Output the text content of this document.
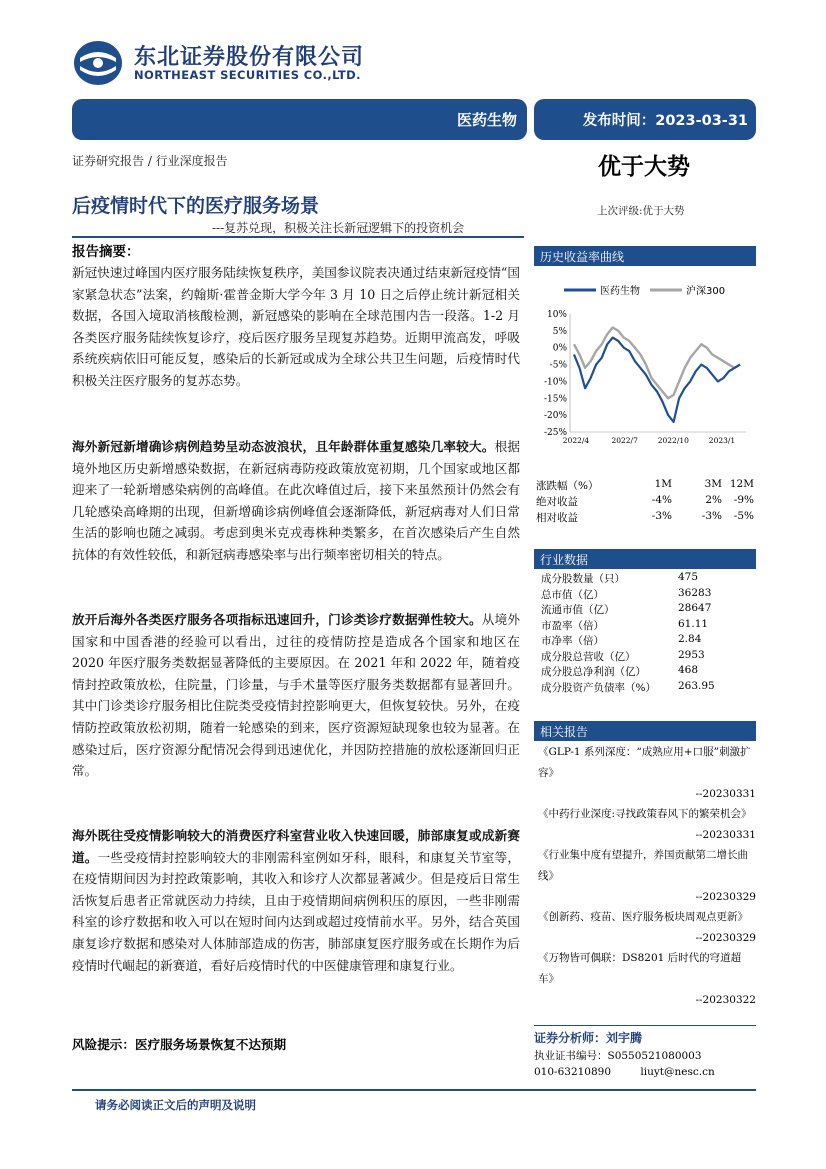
东北证券股份有限公司
NORTHEAST SECURITIES CO.,LTD.
医药生物	发布时间：2023-03-31
证券研究报告 / 行业深度报告	优于大势
上次评级:优于大势
后疫情时代下的医疗服务场景
---复苏兑现，积极关注长新冠逻辑下的投资机会
报告摘要：
新冠快速过峰国内医疗服务陆续恢复秩序，美国参议院表决通过结束新冠疫情“国家紧急状态”法案，约翰斯·霍普金斯大学今年 3 月 10 日之后停止统计新冠相关数据，各国入境取消核酸检测，新冠感染的影响在全球范围内告一段落。1-2 月各类医疗服务陆续恢复诊疗，疫后医疗服务呈现复苏趋势。近期甲流高发，呼吸系统疾病依旧可能反复，感染后的长新冠或成为全球公共卫生问题，后疫情时代积极关注医疗服务的复苏态势。
海外新冠新增确诊病例趋势呈动态波浪状，且年龄群体重复感染几率较大。根据境外地区历史新增感染数据，在新冠病毒防疫政策放宽初期，几个国家或地区都迎来了一轮新增感染病例的高峰值。在此次峰值过后，接下来虽然预计仍然会有几轮感染高峰期的出现，但新增确诊病例峰值会逐渐降低，新冠病毒对人们日常生活的影响也随之减弱。考虑到奥米克戎毒株种类繁多，在首次感染后产生自然抗体的有效性较低，和新冠病毒感染率与出行频率密切相关的特点。
放开后海外各类医疗服务各项指标迅速回升，门诊类诊疗数据弹性较大。从境外国家和中国香港的经验可以看出，过往的疫情防控是造成各个国家和地区在 2020 年医疗服务类数据显著降低的主要原因。在 2021 年和 2022 年，随着疫情封控政策放松，住院量，门诊量，与手术量等医疗服务类数据都有显著回升。其中门诊类诊疗服务相比住院类受疫情封控影响更大，但恢复较快。另外，在疫情防控政策放松初期，随着一轮感染的到来，医疗资源短缺现象也较为显著。在感染过后，医疗资源分配情况会得到迅速优化，并因防控措施的放松逐渐回归正常。
海外既往受疫情影响较大的消费医疗科室营业收入快速回暖，肺部康复或成新赛道。一些受疫情封控影响较大的非刚需科室例如牙科，眼科，和康复关节室等，在疫情期间因为封控政策影响，其收入和诊疗人次都显著减少。但是疫后日常生活恢复后患者正常就医动力持续，且由于疫情期间病例积压的原因，一些非刚需科室的诊疗数据和收入可以在短时间内达到或超过疫情前水平。另外，结合英国康复诊疗数据和感染对人体肺部造成的伤害，肺部康复医疗服务或在长期作为后疫情时代崛起的新赛道，看好后疫情时代的中医健康管理和康复行业。
风险提示：医疗服务场景恢复不达预期
历史收益率曲线
医药生物	沪深300
10%
5%
0%
-5%
-10%
-15%
-20%
-25%
2022/4	2022/7	2022/10	2023/1
涨跌幅（%）	1M	3M 12M
绝对收益	-4%	2%	-9%
相对收益	-3%	-3%	-5%
行业数据
成分股数量（只）	475
总市值（亿）	36283
流通市值（亿）	28647
市盈率（倍）	61.11
市净率（倍）	2.84
成分股总营收（亿）	2953
成分股总净利润（亿）	468
成分股资产负债率（%） 263.95
相关报告
《GLP-1 系列深度：“成熟应用+口服”刺激扩容》
--20230331
《中药行业深度:寻找政策春风下的繁荣机会》
--20230331
《行业集中度有望提升，养国贡献第二增长曲线》
--20230329
《创新药、疫苗、医疗服务板块周观点更新》
--20230329
《万物皆可偶联：DS8201 后时代的穹道超车》
--20230322
证券分析师：刘宇腾
执业证书编号：S0550521080003
010-63210890	liuyt@nesc.cn
请务必阅读正文后的声明及说明
